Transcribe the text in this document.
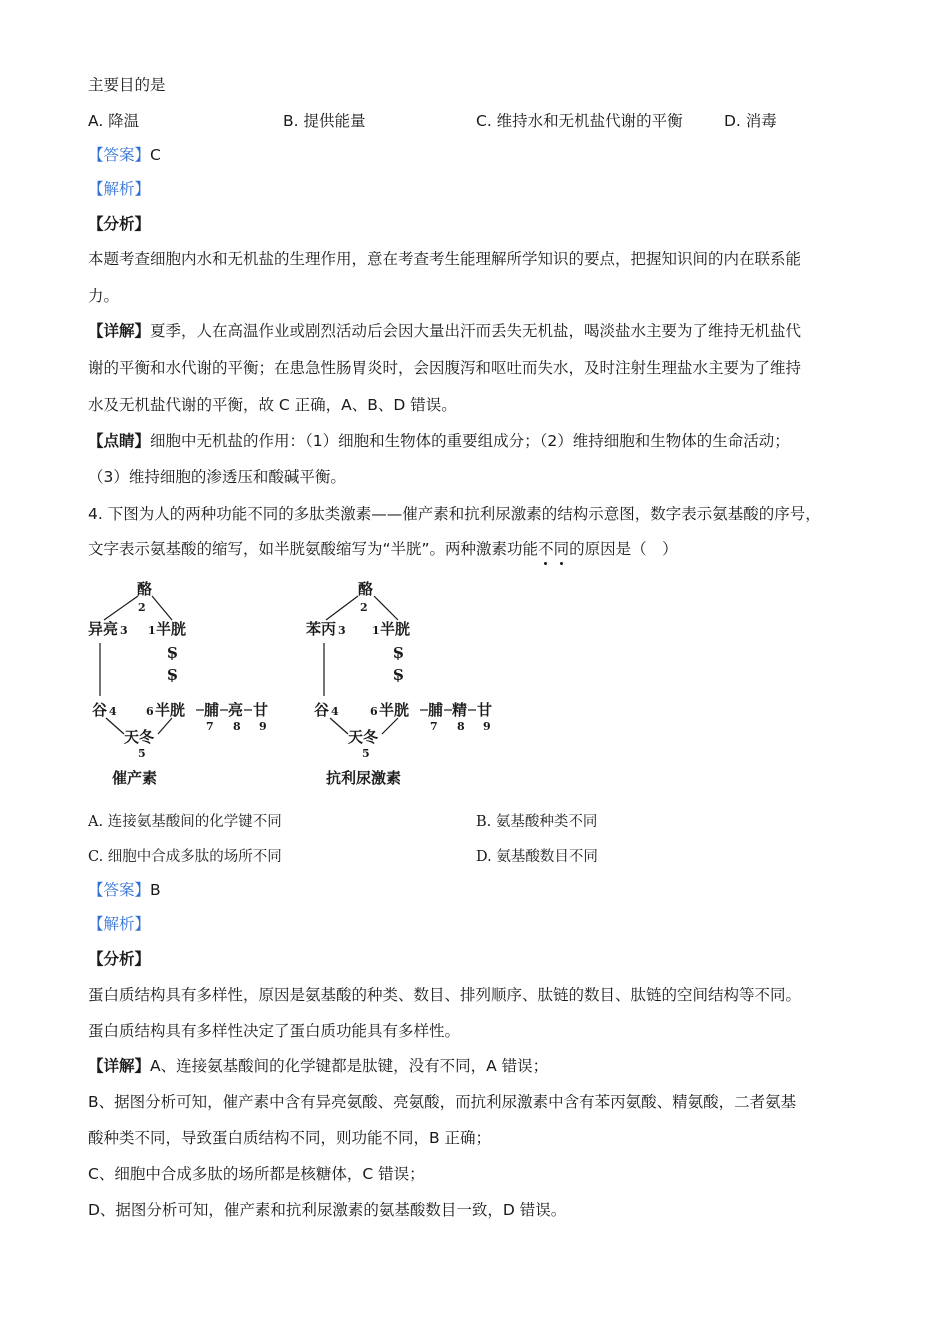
主要目的是
A. 降温	B. 提供能量	C. 维持水和无机盐代谢的平衡	D. 消毒
【答案】C
【解析】
【分析】
本题考查细胞内水和无机盐的生理作用，意在考查考生能理解所学知识的要点，把握知识间的内在联系能
力。
【详解】夏季，人在高温作业或剧烈活动后会因大量出汗而丢失无机盐，喝淡盐水主要为了维持无机盐代
谢的平衡和水代谢的平衡；在患急性肠胃炎时，会因腹泻和呕吐而失水，及时注射生理盐水主要为了维持
水及无机盐代谢的平衡，故 C 正确，A、B、D 错误。
【点睛】细胞中无机盐的作用：（1）细胞和生物体的重要组成分；（2）维持细胞和生物体的生命活动；
（3）维持细胞的渗透压和酸碱平衡。
4. 下图为人的两种功能不同的多肽类激素——催产素和抗利尿激素的结构示意图，数字表示氨基酸的序号，
文字表示氨基酸的缩写，如半胱氨酸缩写为“半胱”。两种激素功能不同的原因是（　）
酪
2
异亮 3 1 半胱
S
S
谷 4	6 半胱 脯 亮 甘
7 8 9
天冬
5
催产素
酪
2
苯丙 3 1 半胱
S
S
谷 4	6 半胱 脯 精 甘
7 8 9
天冬
5
抗利尿激素
A. 连接氨基酸间的化学键不同	B. 氨基酸种类不同
C. 细胞中合成多肽的场所不同	D. 氨基酸数目不同
【答案】B
【解析】
【分析】
蛋白质结构具有多样性，原因是氨基酸的种类、数目、排列顺序、肽链的数目、肽链的空间结构等不同。
蛋白质结构具有多样性决定了蛋白质功能具有多样性。
【详解】A、连接氨基酸间的化学键都是肽键，没有不同，A 错误；
B、据图分析可知，催产素中含有异亮氨酸、亮氨酸，而抗利尿激素中含有苯丙氨酸、精氨酸，二者氨基
酸种类不同，导致蛋白质结构不同，则功能不同，B 正确；
C、细胞中合成多肽的场所都是核糖体，C 错误；
D、据图分析可知，催产素和抗利尿激素的氨基酸数目一致，D 错误。
